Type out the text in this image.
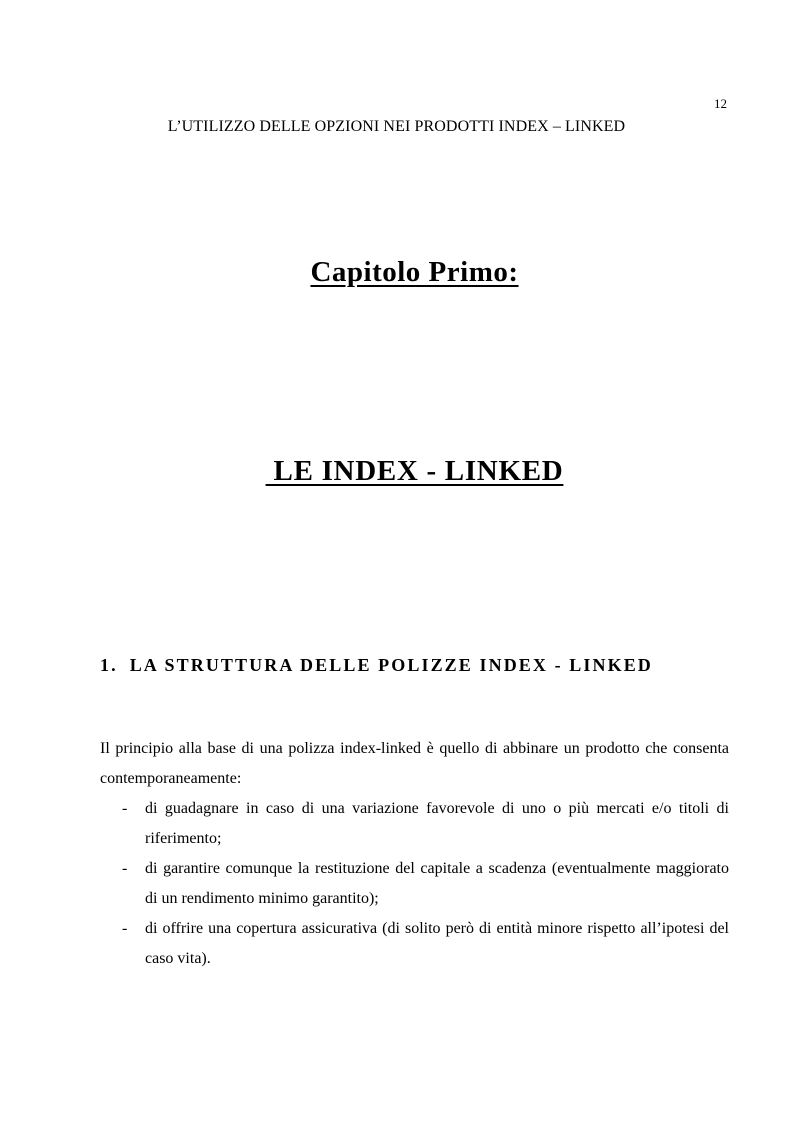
12
L’UTILIZZO DELLE OPZIONI NEI PRODOTTI INDEX – LINKED
Capitolo Primo:
LE INDEX - LINKED
1. LA STRUTTURA DELLE POLIZZE INDEX - LINKED

Il principio alla base di una polizza index-linked è quello di abbinare un prodotto che consenta contemporaneamente:

- di guadagnare in caso di una variazione favorevole di uno o più mercati e/o titoli di riferimento;
- di garantire comunque la restituzione del capitale a scadenza (eventualmente maggiorato di un rendimento minimo garantito);
- di offrire una copertura assicurativa (di solito però di entità minore rispetto all’ipotesi del caso vita).
